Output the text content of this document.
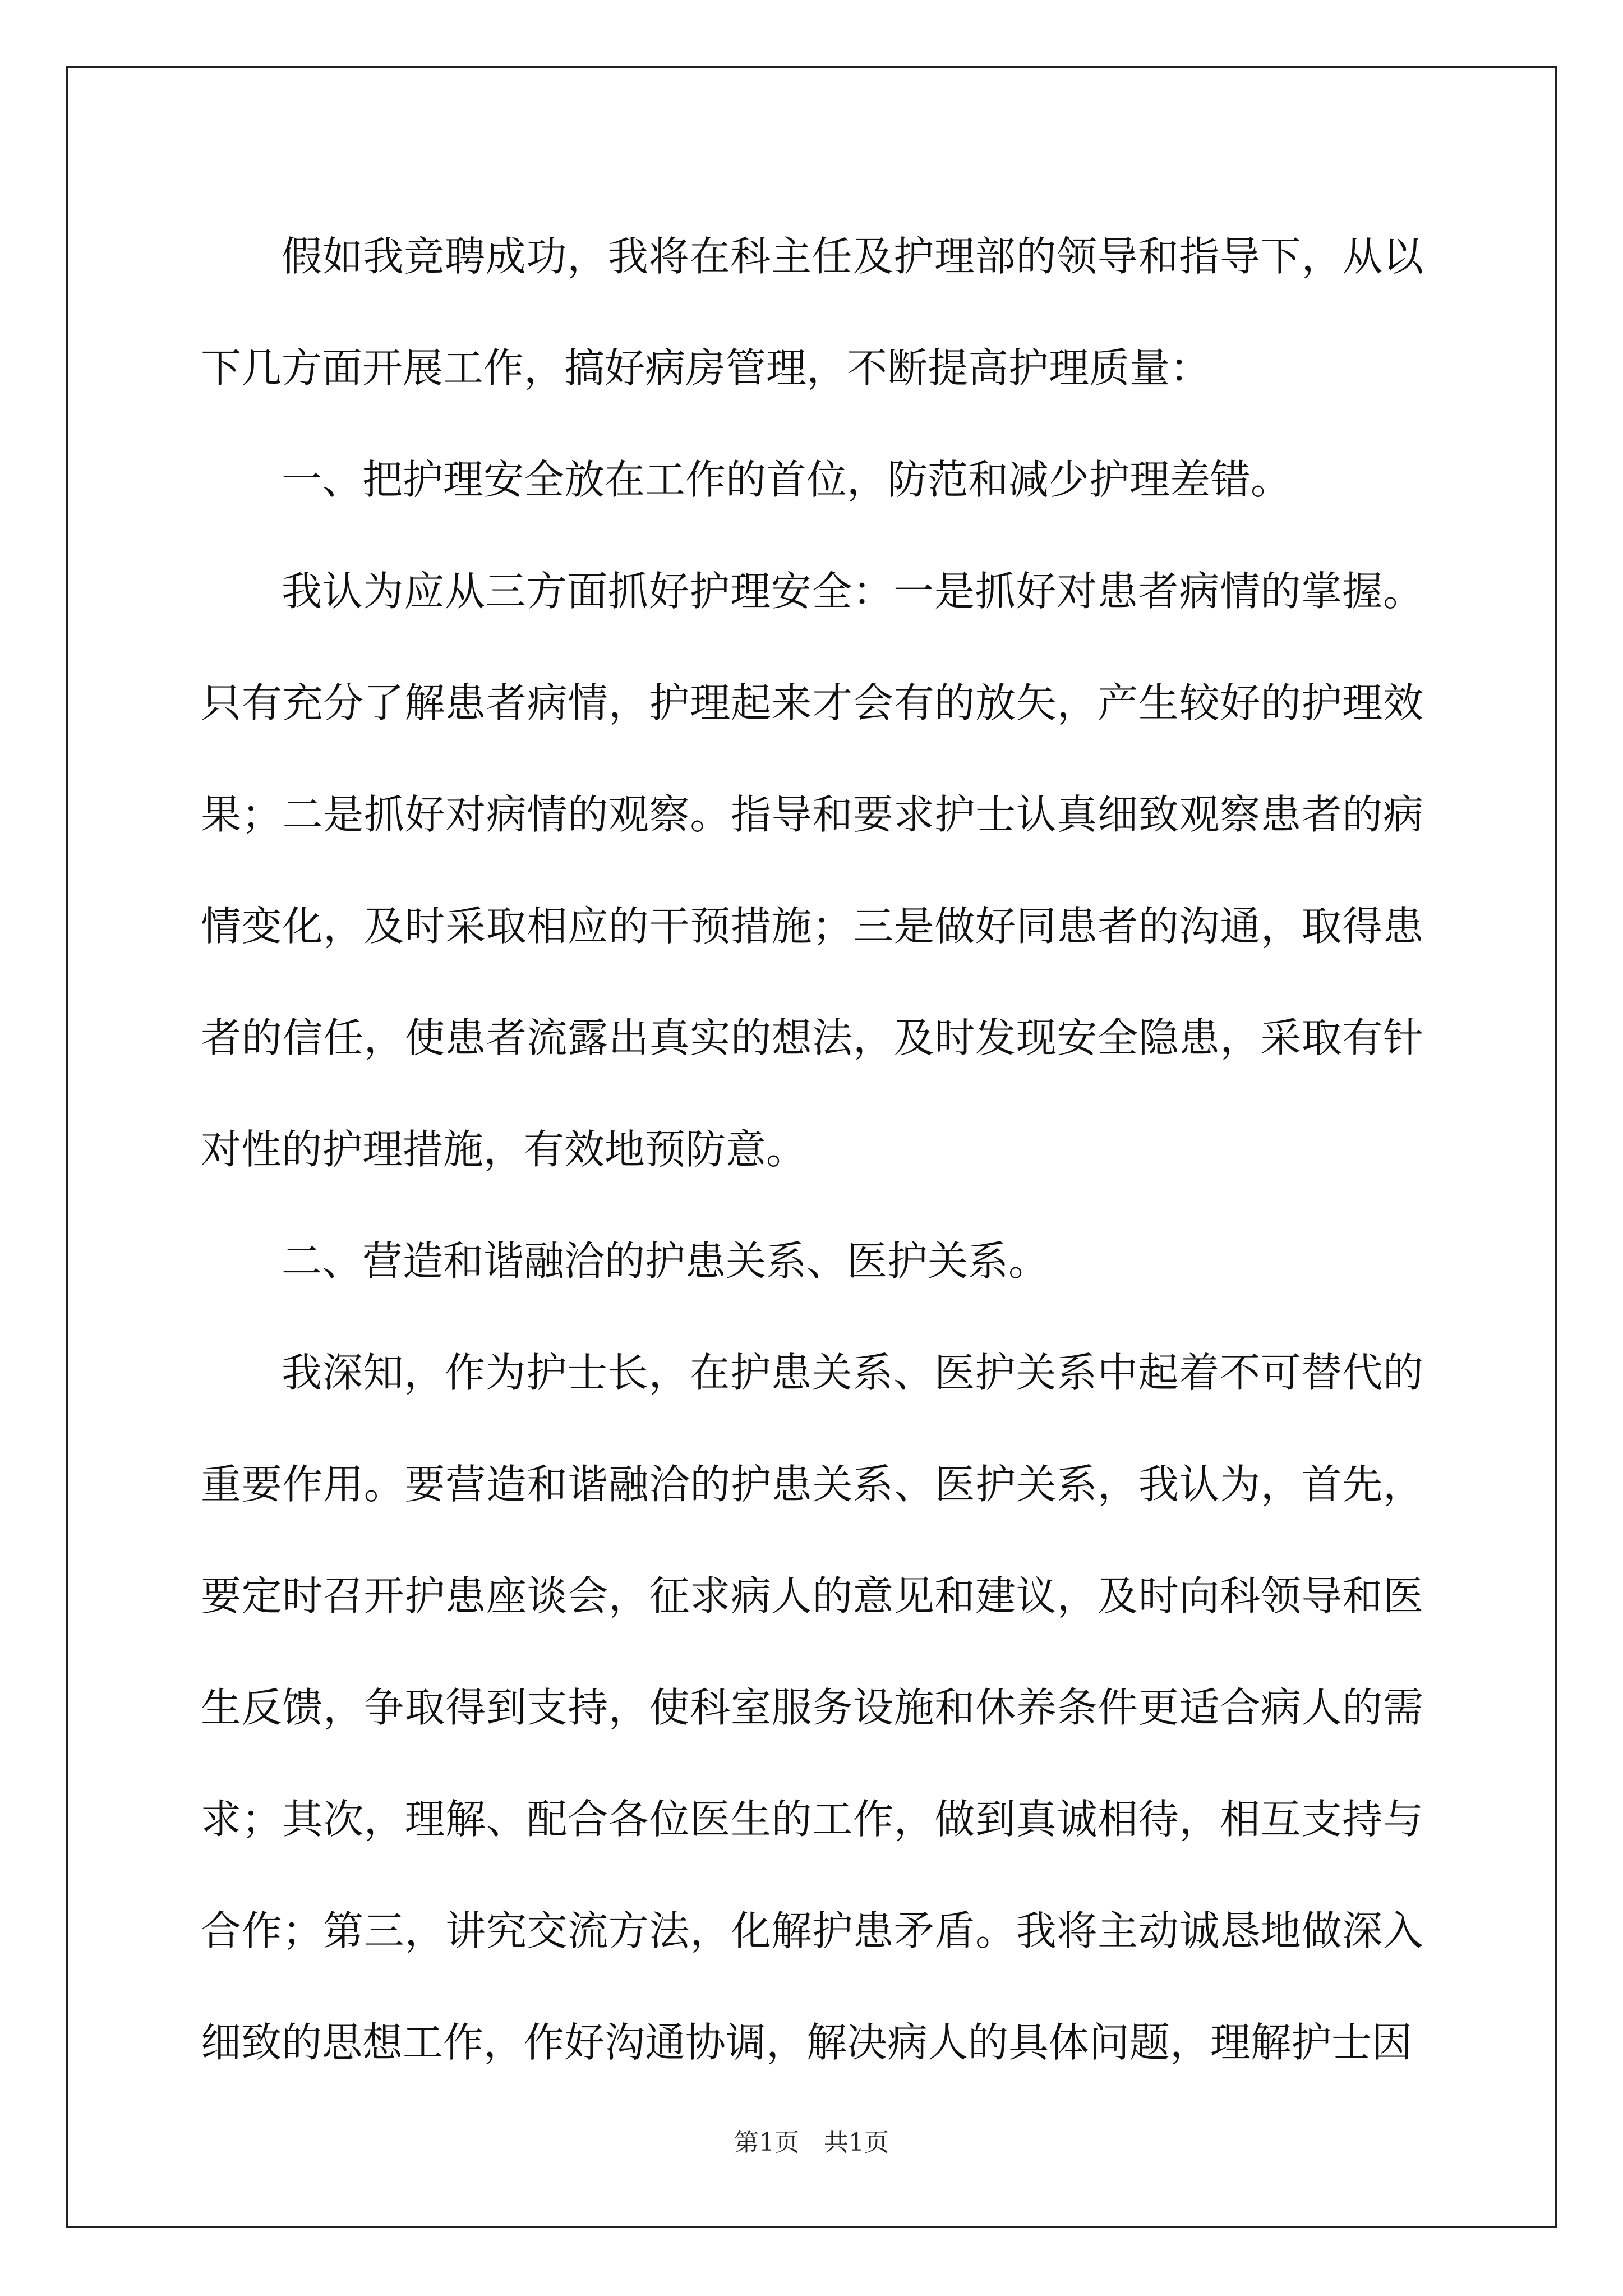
假如我竞聘成功，我将在科主任及护理部的领导和指导下，从以下几方面开展工作，搞好病房管理，不断提高护理质量：

一、把护理安全放在工作的首位，防范和减少护理差错。

我认为应从三方面抓好护理安全：一是抓好对患者病情的掌握。只有充分了解患者病情，护理起来才会有的放矢，产生较好的护理效果；二是抓好对病情的观察。指导和要求护士认真细致观察患者的病情变化，及时采取相应的干预措施；三是做好同患者的沟通，取得患者的信任，使患者流露出真实的想法，及时发现安全隐患，采取有针对性的护理措施，有效地预防意。

二、营造和谐融洽的护患关系、医护关系。

我深知，作为护士长，在护患关系、医护关系中起着不可替代的重要作用。要营造和谐融洽的护患关系、医护关系，我认为，首先，要定时召开护患座谈会，征求病人的意见和建议，及时向科领导和医生反馈，争取得到支持，使科室服务设施和休养条件更适合病人的需求；其次，理解、配合各位医生的工作，做到真诚相待，相互支持与合作；第三，讲究交流方法，化解护患矛盾。我将主动诚恳地做深入细致的思想工作，作好沟通协调，解决病人的具体问题，理解护士因

第1页　共1页
